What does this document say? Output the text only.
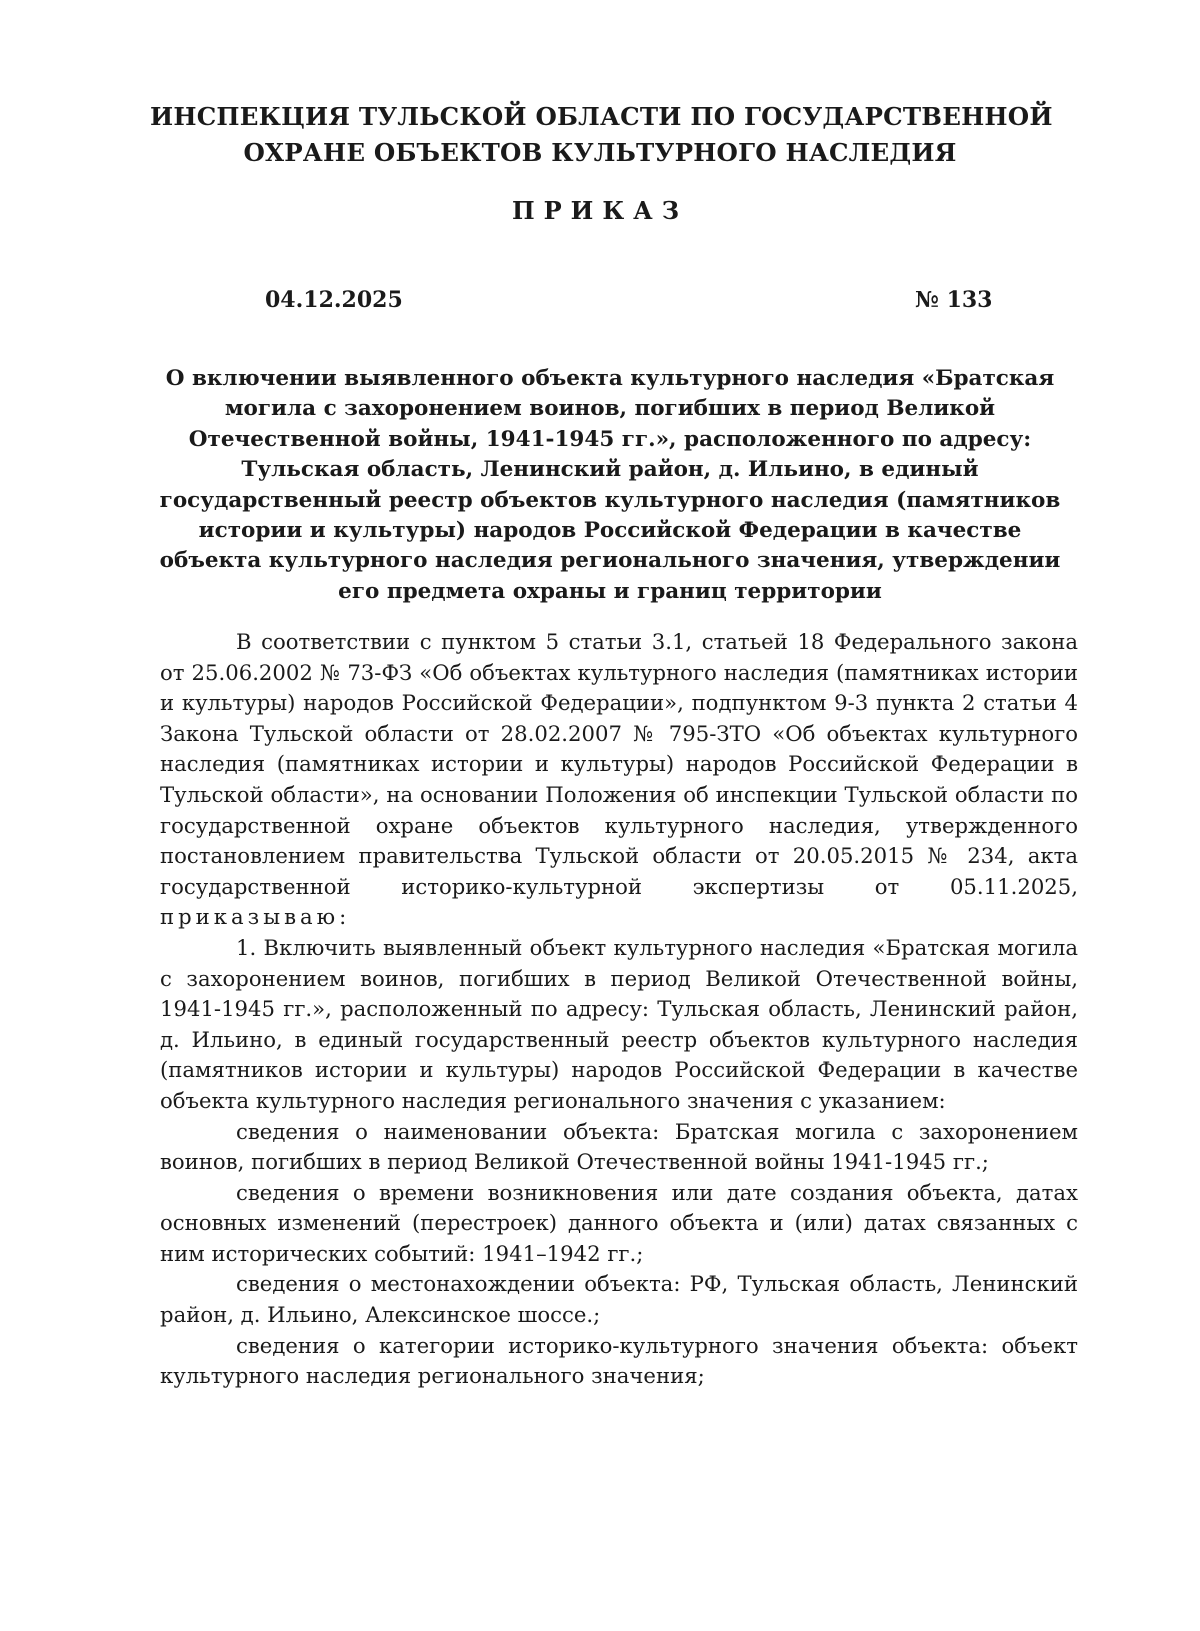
ИНСПЕКЦИЯ ТУЛЬСКОЙ ОБЛАСТИ ПО ГОСУДАРСТВЕННОЙ
ОХРАНЕ ОБЪЕКТОВ КУЛЬТУРНОГО НАСЛЕДИЯ
ПРИКАЗ
04.12.2025	№ 133
О включении выявленного объекта культурного наследия «Братская
могила с захоронением воинов, погибших в период Великой
Отечественной войны, 1941-1945 гг.», расположенного по адресу:
Тульская область, Ленинский район, д. Ильино, в единый
государственный реестр объектов культурного наследия (памятников
истории и культуры) народов Российской Федерации в качестве
объекта культурного наследия регионального значения, утверждении
его предмета охраны и границ территории

В соответствии с пунктом 5 статьи 3.1, статьей 18 Федерального закона от 25.06.2002 № 73-ФЗ «Об объектах культурного наследия (памятниках истории и культуры) народов Российской Федерации», подпунктом 9-3 пункта 2 статьи 4 Закона Тульской области от 28.02.2007 № 795-ЗТО «Об объектах культурного наследия (памятниках истории и культуры) народов Российской Федерации в Тульской области», на основании Положения об инспекции Тульской области по государственной охране объектов культурного наследия, утвержденного постановлением правительства Тульской области от 20.05.2015 № 234, акта государственной историко-культурной экспертизы от 05.11.2025, приказываю:

1. Включить выявленный объект культурного наследия «Братская могила с захоронением воинов, погибших в период Великой Отечественной войны, 1941-1945 гг.», расположенный по адресу: Тульская область, Ленинский район, д. Ильино, в единый государственный реестр объектов культурного наследия (памятников истории и культуры) народов Российской Федерации в качестве объекта культурного наследия регионального значения с указанием:

сведения о наименовании объекта: Братская могила с захоронением воинов, погибших в период Великой Отечественной войны 1941-1945 гг.;

сведения о времени возникновения или дате создания объекта, датах основных изменений (перестроек) данного объекта и (или) датах связанных с ним исторических событий: 1941–1942 гг.;

сведения о местонахождении объекта: РФ, Тульская область, Ленинский район, д. Ильино, Алексинское шоссе.;

сведения о категории историко-культурного значения объекта: объект культурного наследия регионального значения;
